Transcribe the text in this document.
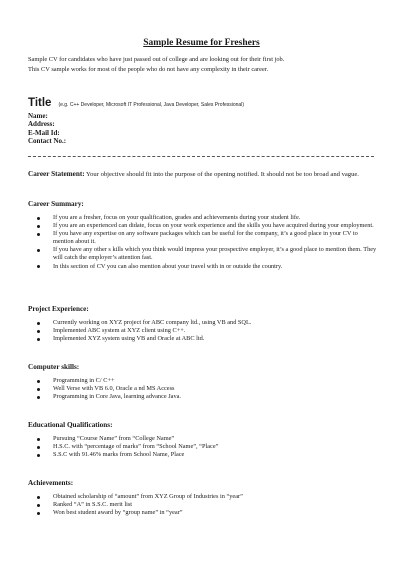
Sample Resume for Freshers

Sample CV for candidates who have just passed out of college and are looking out for their first job.

This CV sample works for most of the people who do not have any complexity in their career.

Title (e.g. C++ Developer, Microsoft IT Professional, Java Developer, Sales Professional)
Name:
Address:
E-Mail Id:
Contact No.:
Career Statement: Your objective should fit into the purpose of the opening notified. It should not be too broad and vague.
Career Summary:
If you are a fresher, focus on your qualification, grades and achievements during your student life.
If you are an experienced can didate, focus on your work experience and the skills you have acquired during your employment.
If you have any expertise on any software packages which can be useful for the company, it’s a good place in your CV to mention about it.
If you have any other s kills which you think would impress your prospective employer, it’s a good place to mention them. They will catch the employer’s attention fast.
In this section of CV you can also mention about your travel with in or outside the country.
Project Experience:
Currently working on XYZ project for ABC company ltd., using VB and SQL.
Implemented ABC system at XYZ client using C++.
Implemented XYZ system using VB and Oracle at ABC ltd.
Computer skills:
Programming in C/ C++
Well Verse with VB 6.0, Oracle a nd MS Access
Programming in Core Java, learning advance Java.
Educational Qualifications:
Pursuing “Course Name” from “College Name”
H.S.C. with “percentage of marks” from “School Name”, “Place”
S.S.C with 91.46% marks from School Name, Place
Achievements:
Obtained scholarship of “amount” from XYZ Group of Industries in “year”
Ranked “A” in S.S.C. merit list
Won best student award by “group name” in “year”
